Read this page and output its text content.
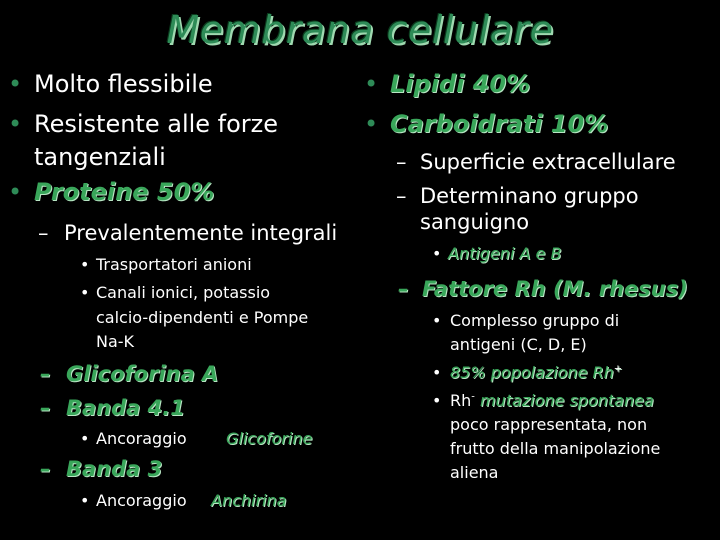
Membrana cellulare
• Molto flessibile
• Resistente alle forze
tangenziali
• Proteine 50%
– Prevalentemente integrali
• Trasportatori anioni
• Canali ionici, potassio
calcio-dipendenti e Pompe
Na-K
– Glicoforina A
– Banda 4.1
• Ancoraggio Glicoforine
– Banda 3
• Ancoraggio Anchirina
• Lipidi 40%
• Carboidrati 10%
– Superficie extracellulare
– Determinano gruppo
sanguigno
• Antigeni A e B
– Fattore Rh (M. rhesus)
• Complesso gruppo di
antigeni (C, D, E)
• 85% popolazione Rh+
• Rh- mutazione spontanea
poco rappresentata, non
frutto della manipolazione
aliena
